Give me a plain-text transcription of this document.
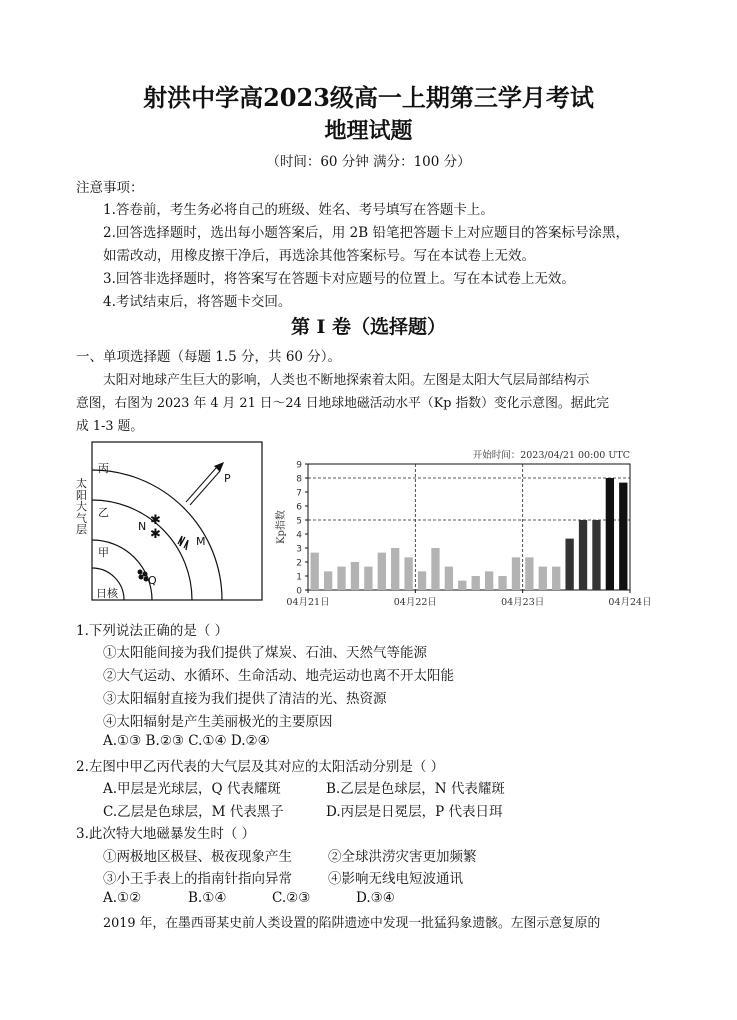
射洪中学高2023级高一上期第三学月考试
地理试题
（时间：60 分钟 满分：100 分）
注意事项：
1.答卷前，考生务必将自己的班级、姓名、考号填写在答题卡上。
2.回答选择题时，选出每小题答案后，用 2B 铅笔把答题卡上对应题目的答案标号涂黑，
如需改动，用橡皮擦干净后，再选涂其他答案标号。写在本试卷上无效。
3.回答非选择题时，将答案写在答题卡对应题号的位置上。写在本试卷上无效。
4.考试结束后，将答题卡交回。
第 I 卷（选择题）
一、单项选择题（每题 1.5 分，共 60 分）。
太阳对地球产生巨大的影响，人类也不断地探索着太阳。左图是太阳大气层局部结构示
意图，右图为 2023 年 4 月 21 日～24 日地球地磁活动水平（Kp 指数）变化示意图。据此完
成 1-3 题。
✱
✱
太阳大气层
丙
乙
甲
日核
P
N
M
Q
0
1
2
3
4
5
6
7
8
9
04月21日	04月22日	04月23日	04月24日
开始时间：2023/04/21 00:00 UTC
Kp指数
1.下列说法正确的是（ ）
①太阳能间接为我们提供了煤炭、石油、天然气等能源
②大气运动、水循环、生命活动、地壳运动也离不开太阳能
③太阳辐射直接为我们提供了清洁的光、热资源
④太阳辐射是产生美丽极光的主要原因
A.①③ B.②③ C.①④ D.②④
2.左图中甲乙丙代表的大气层及其对应的太阳活动分别是（ ）
A.甲层是光球层，Q 代表耀斑	B.乙层是色球层，N 代表耀斑
C.乙层是色球层，M 代表黑子	D.丙层是日冕层，P 代表日珥
3.此次特大地磁暴发生时（ ）
①两极地区极昼、极夜现象产生	②全球洪涝灾害更加频繁
③小王手表上的指南针指向异常	④影响无线电短波通讯
A.①②	B.①④	C.②③	D.③④
2019 年，在墨西哥某史前人类设置的陷阱遗迹中发现一批猛犸象遗骸。左图示意复原的
